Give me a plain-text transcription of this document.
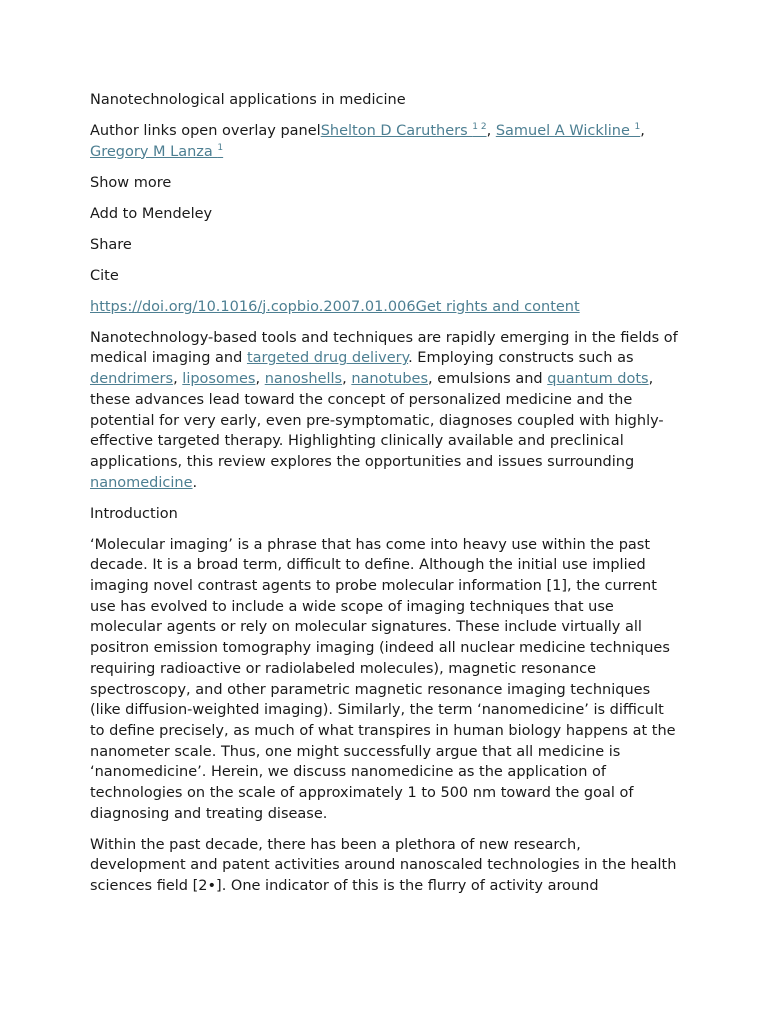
Nanotechnological applications in medicine

Author links open overlay panelShelton D Caruthers $^{1 2}$, Samuel A Wickline $^1$, Gregory M Lanza $^1$

Show more

Add to Mendeley

Share

Cite

https://doi.org/10.1016/j.copbio.2007.01.006Get rights and content

Nanotechnology-based tools and techniques are rapidly emerging in the fields of medical imaging and targeted drug delivery. Employing constructs such as dendrimers, liposomes, nanoshells, nanotubes, emulsions and quantum dots, these advances lead toward the concept of personalized medicine and the potential for very early, even pre-symptomatic, diagnoses coupled with highly-effective targeted therapy. Highlighting clinically available and preclinical applications, this review explores the opportunities and issues surrounding nanomedicine.

Introduction

‘Molecular imaging’ is a phrase that has come into heavy use within the past decade. It is a broad term, difficult to define. Although the initial use implied imaging novel contrast agents to probe molecular information [1], the current use has evolved to include a wide scope of imaging techniques that use molecular agents or rely on molecular signatures. These include virtually all positron emission tomography imaging (indeed all nuclear medicine techniques requiring radioactive or radiolabeled molecules), magnetic resonance spectroscopy, and other parametric magnetic resonance imaging techniques (like diffusion-weighted imaging). Similarly, the term ‘nanomedicine’ is difficult to define precisely, as much of what transpires in human biology happens at the nanometer scale. Thus, one might successfully argue that all medicine is ‘nanomedicine’. Herein, we discuss nanomedicine as the application of technologies on the scale of approximately 1 to 500 nm toward the goal of diagnosing and treating disease.

Within the past decade, there has been a plethora of new research, development and patent activities around nanoscaled technologies in the health sciences field [2•]. One indicator of this is the flurry of activity around
